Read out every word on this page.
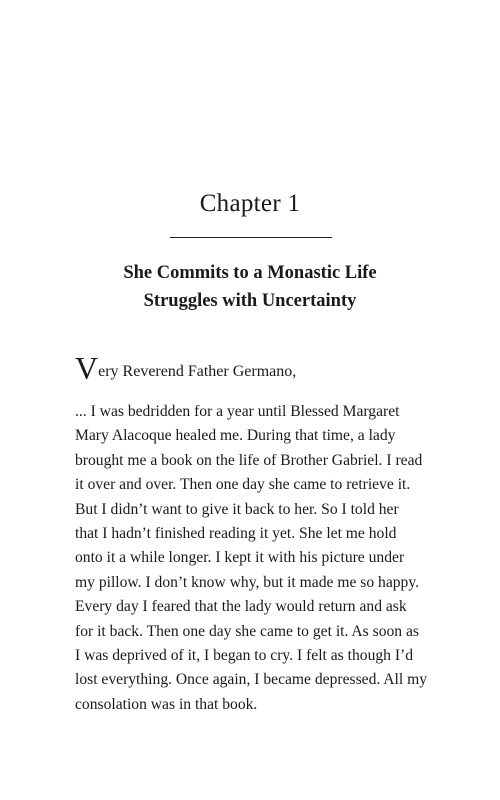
Chapter 1
She Commits to a Monastic Life
Struggles with Uncertainty

Very Reverend Father Germano,

... I was bedridden for a year until Blessed Margaret
Mary Alacoque healed me. During that time, a lady
brought me a book on the life of Brother Gabriel. I read
it over and over. Then one day she came to retrieve it.
But I didn’t want to give it back to her. So I told her
that I hadn’t finished reading it yet. She let me hold
onto it a while longer. I kept it with his picture under
my pillow. I don’t know why, but it made me so happy.
Every day I feared that the lady would return and ask
for it back. Then one day she came to get it. As soon as
I was deprived of it, I began to cry. I felt as though I’d
lost everything. Once again, I became depressed. All my
consolation was in that book.
